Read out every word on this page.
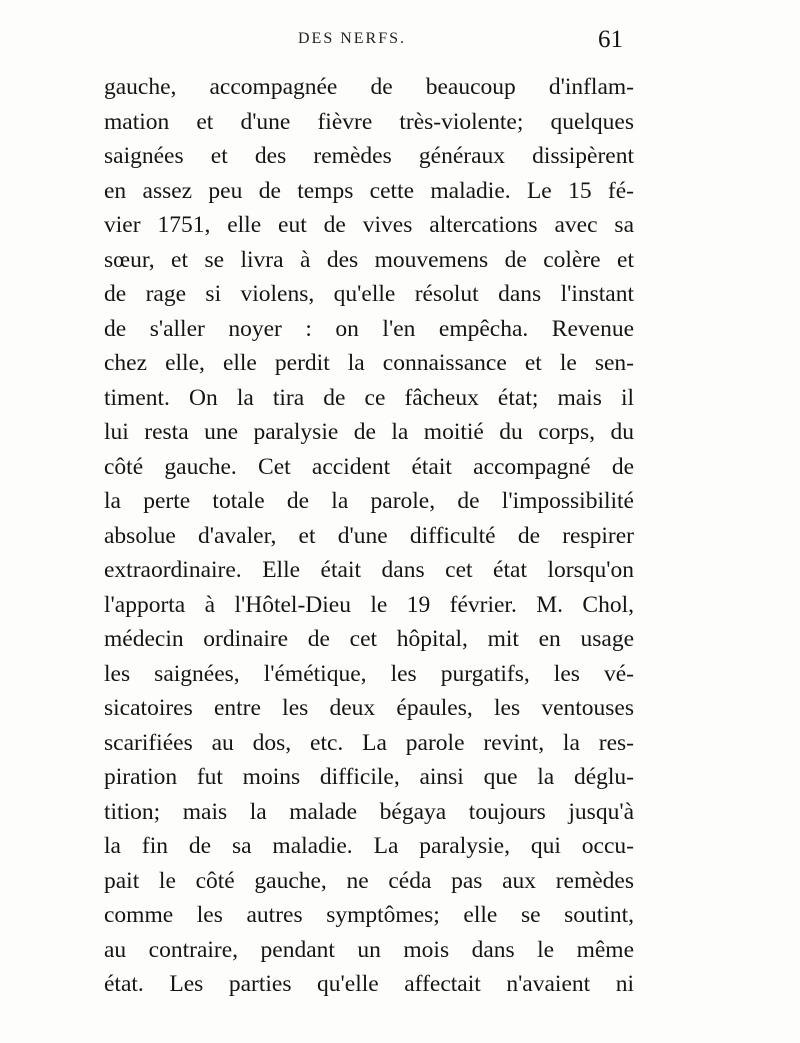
DES NERFS.	61
gauche, accompagnée de beaucoup d'inflam-
mation et d'une fièvre très-violente; quelques
saignées et des remèdes généraux dissipèrent
en assez peu de temps cette maladie. Le 15 fé-
vier 1751, elle eut de vives altercations avec sa
sœur, et se livra à des mouvemens de colère et
de rage si violens, qu'elle résolut dans l'instant
de s'aller noyer : on l'en empêcha. Revenue
chez elle, elle perdit la connaissance et le sen-
timent. On la tira de ce fâcheux état; mais il
lui resta une paralysie de la moitié du corps, du
côté gauche. Cet accident était accompagné de
la perte totale de la parole, de l'impossibilité
absolue d'avaler, et d'une difficulté de respirer
extraordinaire. Elle était dans cet état lorsqu'on
l'apporta à l'Hôtel-Dieu le 19 février. M. Chol,
médecin ordinaire de cet hôpital, mit en usage
les saignées, l'émétique, les purgatifs, les vé-
sicatoires entre les deux épaules, les ventouses
scarifiées au dos, etc. La parole revint, la res-
piration fut moins difficile, ainsi que la déglu-
tition; mais la malade bégaya toujours jusqu'à
la fin de sa maladie. La paralysie, qui occu-
pait le côté gauche, ne céda pas aux remèdes
comme les autres symptômes; elle se soutint,
au contraire, pendant un mois dans le même
état. Les parties qu'elle affectait n'avaient ni
